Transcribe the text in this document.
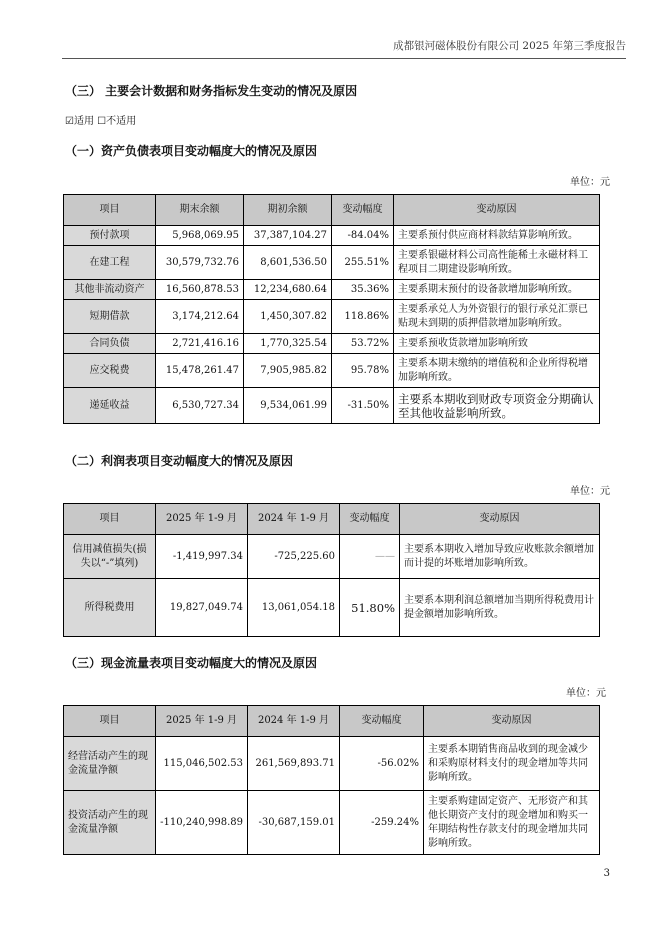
成都银河磁体股份有限公司 2025 年第三季度报告
（三） 主要会计数据和财务指标发生变动的情况及原因
☑适用 ☐不适用
（一）资产负债表项目变动幅度大的情况及原因
单位：元
项目	期末余额	期初余额	变动幅度	变动原因
预付款项	5,968,069.95	37,387,104.27	-84.04%	主要系预付供应商材料款结算影响所致。
在建工程	30,579,732.76	8,601,536.50	255.51%	主要系银磁材料公司高性能稀土永磁材料工程项目二期建设影响所致。
其他非流动资产	16,560,878.53	12,234,680.64	35.36%	主要系期末预付的设备款增加影响所致。
短期借款	3,174,212.64	1,450,307.82	118.86%	主要系承兑人为外资银行的银行承兑汇票已贴现未到期的质押借款增加影响所致。
合同负债	2,721,416.16	1,770,325.54	53.72%	主要系预收货款增加影响所致
应交税费	15,478,261.47	7,905,985.82	95.78%	主要系本期末缴纳的增值税和企业所得税增加影响所致。
递延收益	6,530,727.34	9,534,061.99	-31.50%	主要系本期收到财政专项资金分期确认至其他收益影响所致。
（二）利润表项目变动幅度大的情况及原因
单位：元
项目	2025 年 1-9 月	2024 年 1-9 月	变动幅度	变动原因
信用减值损失(损失以“-”填列)	-1,419,997.34	-725,225.60	——	主要系本期收入增加导致应收账款余额增加而计提的坏账增加影响所致。
所得税费用	19,827,049.74	13,061,054.18	51.80%	主要系本期利润总额增加当期所得税费用计提金额增加影响所致。
（三）现金流量表项目变动幅度大的情况及原因
单位：元
项目	2025 年 1-9 月	2024 年 1-9 月	变动幅度	变动原因
经营活动产生的现金流量净额	115,046,502.53	261,569,893.71	-56.02%	主要系本期销售商品收到的现金减少和采购原材料支付的现金增加等共同影响所致。
投资活动产生的现金流量净额	-110,240,998.89	-30,687,159.01	-259.24%	主要系购建固定资产、无形资产和其他长期资产支付的现金增加和购买一年期结构性存款支付的现金增加共同影响所致。
3
